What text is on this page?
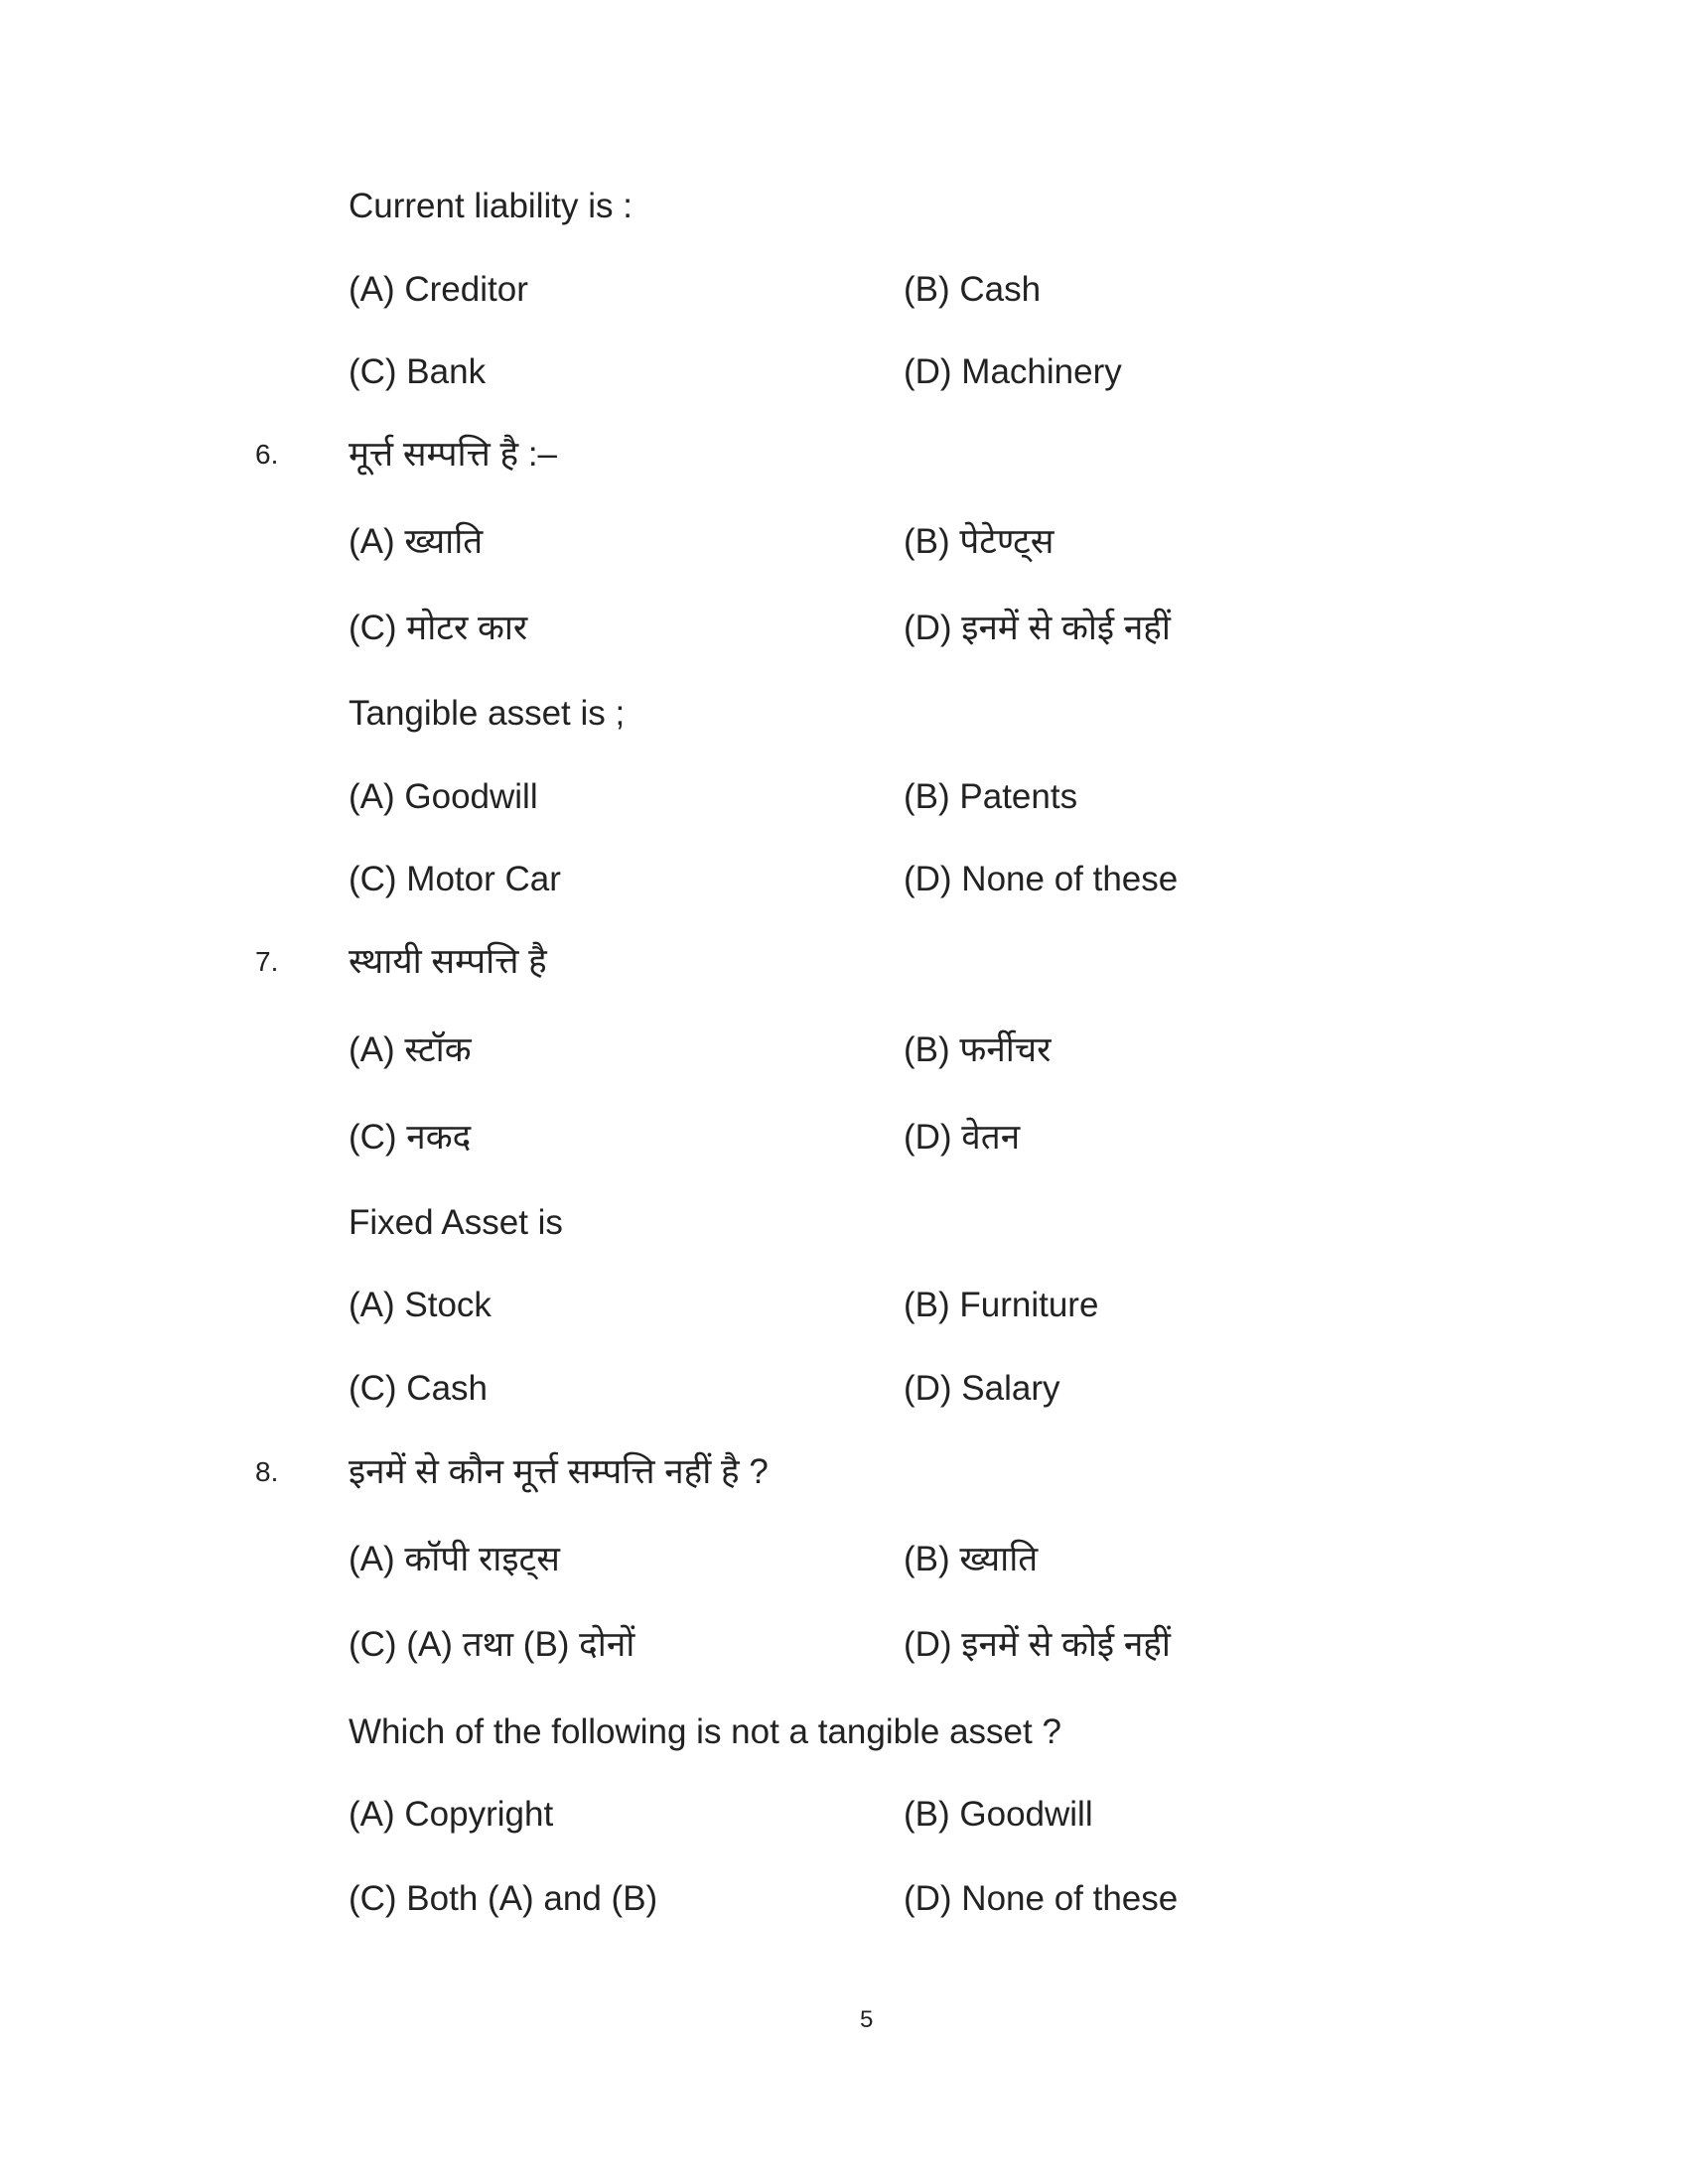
Current liability is :
(A) Creditor	(B) Cash
(C) Bank	(D) Machinery
6. मूर्त्त सम्पत्ति है :–
(A) ख्याति	(B) पेटेण्ट्स
(C) मोटर कार	(D) इनमें से कोई नहीं
Tangible asset is ;
(A) Goodwill	(B) Patents
(C) Motor Car	(D) None of these
7. स्थायी सम्पत्ति है
(A) स्टॉक	(B) फर्नीचर
(C) नकद	(D) वेतन
Fixed Asset is
(A) Stock	(B) Furniture
(C) Cash	(D) Salary
8. इनमें से कौन मूर्त्त सम्पत्ति नहीं है ?
(A) कॉपी राइट्स	(B) ख्याति
(C) (A) तथा (B) दोनों	(D) इनमें से कोई नहीं
Which of the following is not a tangible asset ?
(A) Copyright	(B) Goodwill
(C) Both (A) and (B)	(D) None of these
5
